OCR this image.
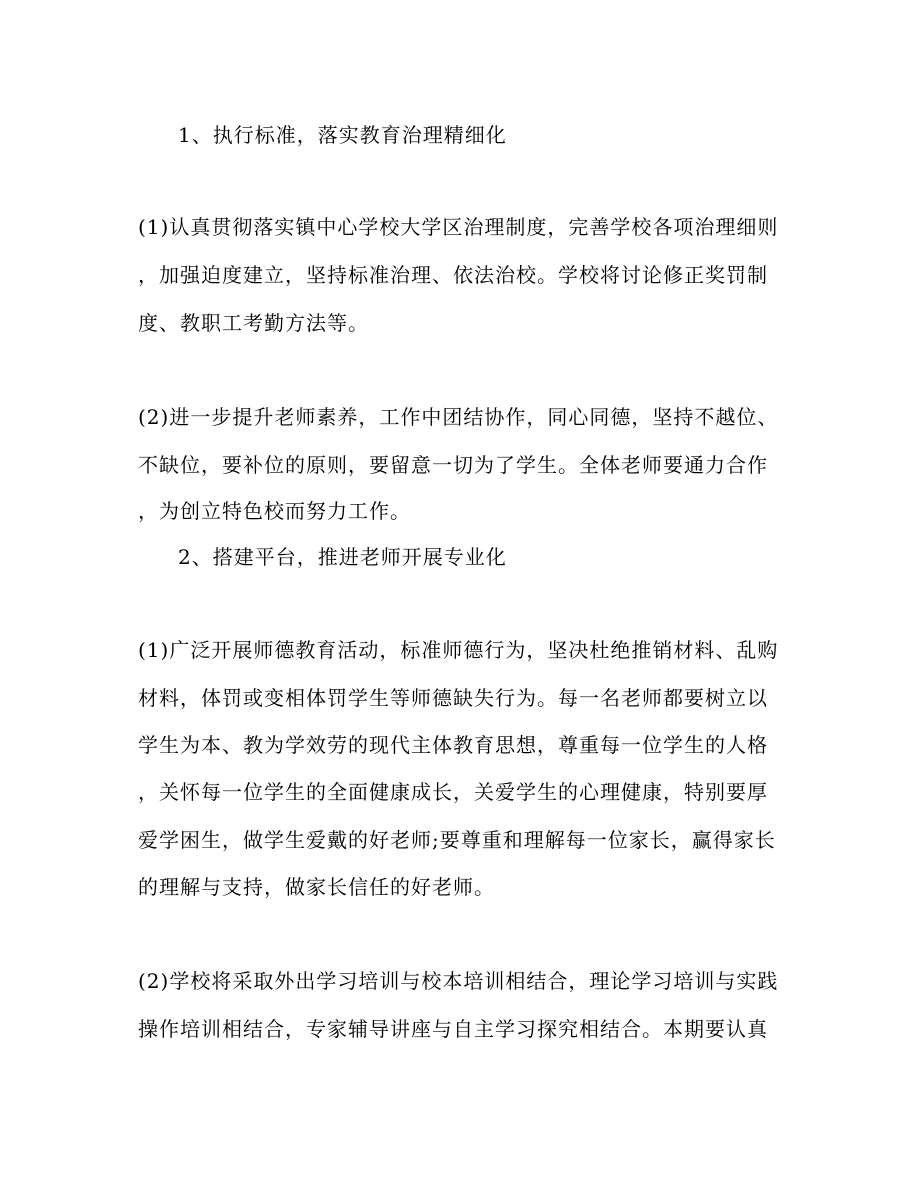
1、执行标准，落实教育治理精细化
(1)认真贯彻落实镇中心学校大学区治理制度，完善学校各项治理细则
，加强迫度建立，坚持标准治理、依法治校。学校将讨论修正奖罚制
度、教职工考勤方法等。
(2)进一步提升老师素养，工作中团结协作，同心同德，坚持不越位、
不缺位，要补位的原则，要留意一切为了学生。全体老师要通力合作
，为创立特色校而努力工作。
2、搭建平台，推进老师开展专业化
(1)广泛开展师德教育活动，标准师德行为，坚决杜绝推销材料、乱购
材料，体罚或变相体罚学生等师德缺失行为。每一名老师都要树立以
学生为本、教为学效劳的现代主体教育思想，尊重每一位学生的人格
，关怀每一位学生的全面健康成长，关爱学生的心理健康，特别要厚
爱学困生，做学生爱戴的好老师;要尊重和理解每一位家长，赢得家长
的理解与支持，做家长信任的好老师。
(2)学校将采取外出学习培训与校本培训相结合，理论学习培训与实践
操作培训相结合，专家辅导讲座与自主学习探究相结合。本期要认真
